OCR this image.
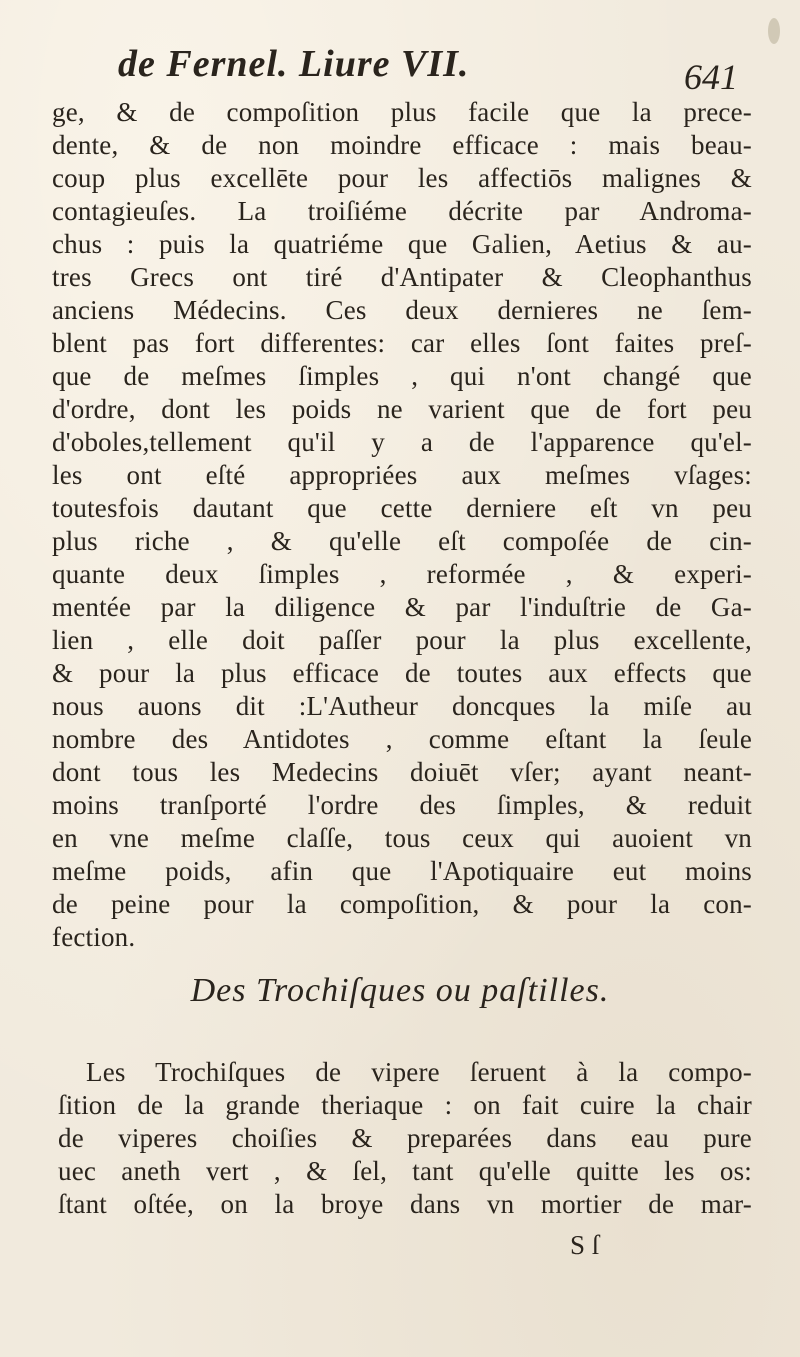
de Fernel. Liure VII.	641
ge, & de compoſition plus facile que la prece-
dente, & de non moindre efficace : mais beau-
coup plus excellēte pour les affectiōs malignes &
contagieuſes. La troiſiéme décrite par Androma-
chus : puis la quatriéme que Galien, Aetius & au-
tres Grecs ont tiré d'Antipater & Cleophanthus
anciens Médecins. Ces deux dernieres ne ſem-
blent pas fort differentes: car elles ſont faites preſ-
que de meſmes ſimples , qui n'ont changé que
d'ordre, dont les poids ne varient que de fort peu
d'oboles,tellement qu'il y a de l'apparence qu'el-
les ont eſté appropriées aux meſmes vſages:
toutesfois dautant que cette derniere eſt vn peu
plus riche , & qu'elle eſt compoſée de cin-
quante deux ſimples , reformée , & experi-
mentée par la diligence & par l'induſtrie de Ga-
lien , elle doit paſſer pour la plus excellente,
& pour la plus efficace de toutes aux effects que
nous auons dit :L'Autheur doncques la miſe au
nombre des Antidotes , comme eſtant la ſeule
dont tous les Medecins doiuēt vſer; ayant neant-
moins tranſporté l'ordre des ſimples, & reduit
en vne meſme claſſe, tous ceux qui auoient vn
meſme poids, afin que l'Apotiquaire eut moins
de peine pour la compoſition, & pour la con-
fection.
Des Trochiſques ou paſtilles.
Les Trochiſques de vipere ſeruent à la compo-
ſition de la grande theriaque : on fait cuire la chair
de viperes choiſies & preparées dans eau pure
uec aneth vert , & ſel, tant qu'elle quitte les os:
ſtant oſtée, on la broye dans vn mortier de mar-
S ſ
